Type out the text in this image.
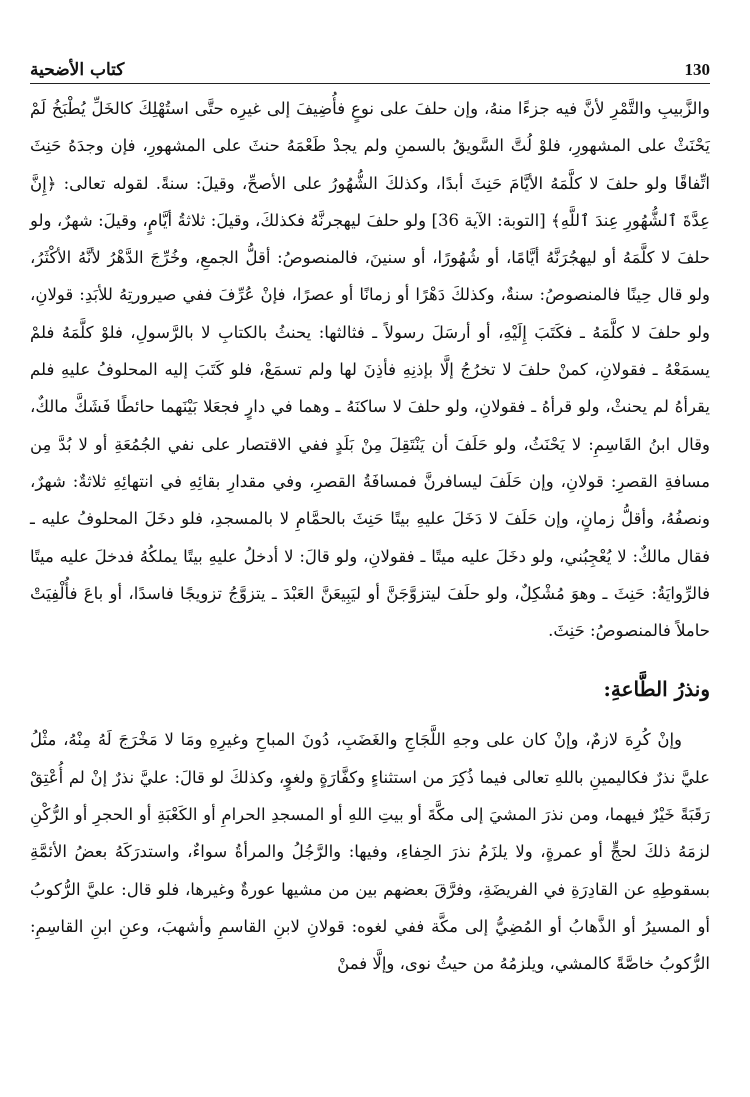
كتاب الأضحية	130

والزَّبيبِ والتَّمْرِ لأنَّ فيه جزءًا منهُ، وإن حلفَ على نوعٍ فأُضِيفَ إلى غيرِه حتَّى استُهْلِكَ كالخَلِّ يُطْبَخُ لَمْ يَحْنَثْ على المشهورِ، فلوْ لُتَّ السَّويقُ بالسمنِ ولم يجدْ طَعْمَهُ حنثَ على المشهورِ، فإن وجدَهُ حَنِثَ اتِّفاقًا ولو حلفَ لا كلَّمَهُ الأيَّامَ حَنِثَ أبدًا، وكذلكَ الشُّهُورُ على الأصحِّ، وقيلَ: سنةً. لقوله تعالى: ﴿إِنَّ عِدَّةَ ٱلشُّهُورِ عِندَ ٱللَّهِ﴾ [التوبة: الآية 36] ولو حلفَ ليهجرنَّهُ فكذلكَ، وقيلَ: ثلاثةُ أيَّامٍ، وقيلَ: شهرٌ، ولو حلفَ لا كلَّمَهُ أو ليهجُرَنَّهُ أيَّامًا، أو شُهُورًا، أو سنينَ، فالمنصوصُ: أقلُّ الجمعِ، وخُرِّجَ الدَّهْرُ لأنَّهُ الأكْثَرُ، ولو قال حِينًا فالمنصوصُ: سنةٌ، وكذلكَ دَهْرًا أو زمانًا أو عصرًا، فإنْ عُرِّفَ ففي صيرورتِهُ للأبَدِ: قولانِ، ولو حلفَ لا كلَّمَهُ ـ فكَتَبَ إِلَيْهِ، أو أرسَلَ رسولاً ـ فثالثها: يحنثُ بالكتابِ لا بالرَّسولِ، فلوْ كلَّمَهُ فلمْ يسمَعْهُ ـ فقولانِ، كمنْ حلفَ لا تخرُجُ إلَّا بإذنِهِ فأذِنَ لها ولم تسمَعْ، فلو كَتَبَ إليه المحلوفُ عليهِ فلم يقرأهُ لم يحنثْ، ولو قرأهُ ـ فقولانِ، ولو حلفَ لا ساكنَهُ ـ وهما في دارٍ فجعَلا بَيْنَهما حائطًا فَشَكَّ مالكٌ، وقال ابنُ القَاسِمِ: لا يَحْنَثُ، ولو حَلَفَ أن يَنْتَقِلَ مِنْ بَلَدٍ ففي الاقتصار على نفي الجُمُعَةِ أو لا بُدَّ مِن مسافةِ القصرِ: قولانِ، وإن حَلَفَ ليسافرنَّ فمسافَةُ القصرِ، وفي مقدارِ بقائِهِ في انتهائِهِ ثلاثةٌ: شهرٌ، ونصفُهُ، وأقلُّ زمانٍ، وإن حَلَفَ لا دَخَلَ عليهِ بيتًا حَنِثَ بالحمَّامِ لا بالمسجدِ، فلو دخَلَ المحلوفُ عليه ـ فقال مالكٌ: لا يُعْجِبُني، ولو دخَلَ عليه ميتًا ـ فقولانِ، ولو قالَ: لا أدخلُ عليهِ بيتًا يملكُهُ فدخلَ عليه ميتًا فالرِّوايَةُ: حَنِثَ ـ وهوَ مُشْكِلٌ، ولو حلَفَ ليتزوَّجَنَّ أو ليَبِيعَنَّ العَبْدَ ـ يتزوَّجُ تزويجًا فاسدًا، أو باعَ فأُلْفِيَتْ حاملاً فالمنصوصُ: حَنِثَ.

ونذرُ الطَّاعةِ:

وإنْ كُرِهَ لازمٌ، وإنْ كان على وجهِ اللَّجَاجِ والغَضَبِ، دُونَ المباحِ وغيرِهِ ومَا لا مَخْرَجَ لَهُ مِنْهُ، مثْلُ عليَّ نذرٌ فكاليمينِ باللهِ تعالى فيما ذُكِرَ من استثناءٍ وكفَّارَةٍ ولغوٍ، وكذلكَ لو قالَ: عليَّ نذرٌ إنْ لم أُعْتِقْ رَقَبَةً خَيْرٌ فيهما، ومن نذرَ المشيَ إلى مكَّةَ أو بيتِ اللهِ أو المسجدِ الحرامِ أو الكَعْبَةِ أو الحجرِ أو الرُّكْنِ لزمَهُ ذلكَ لحجٍّ أو عمرةٍ، ولا يلزَمُ نذرَ الحِفاءِ، وفيها: والرَّجُلُ والمرأةُ سواءٌ، واستدرَكَهُ بعضُ الأئمَّةِ بسقوطِهِ عن القادِرَةِ في الفريضَةِ، وفرَّقَ بعضهم بين من مشيها عورةٌ وغيرها، فلو قال: عليَّ الرُّكوبُ أو المسيرُ أو الذَّهابُ أو المُضِيُّ إلى مكَّة ففي لغوه: قولانِ لابنِ القاسمِ وأشهبَ، وعنِ ابنِ القاسِمِ: الرُّكوبُ خاصَّةً كالمشي، ويلزمُهُ من حيثُ نوى، وإلَّا فمنْ
